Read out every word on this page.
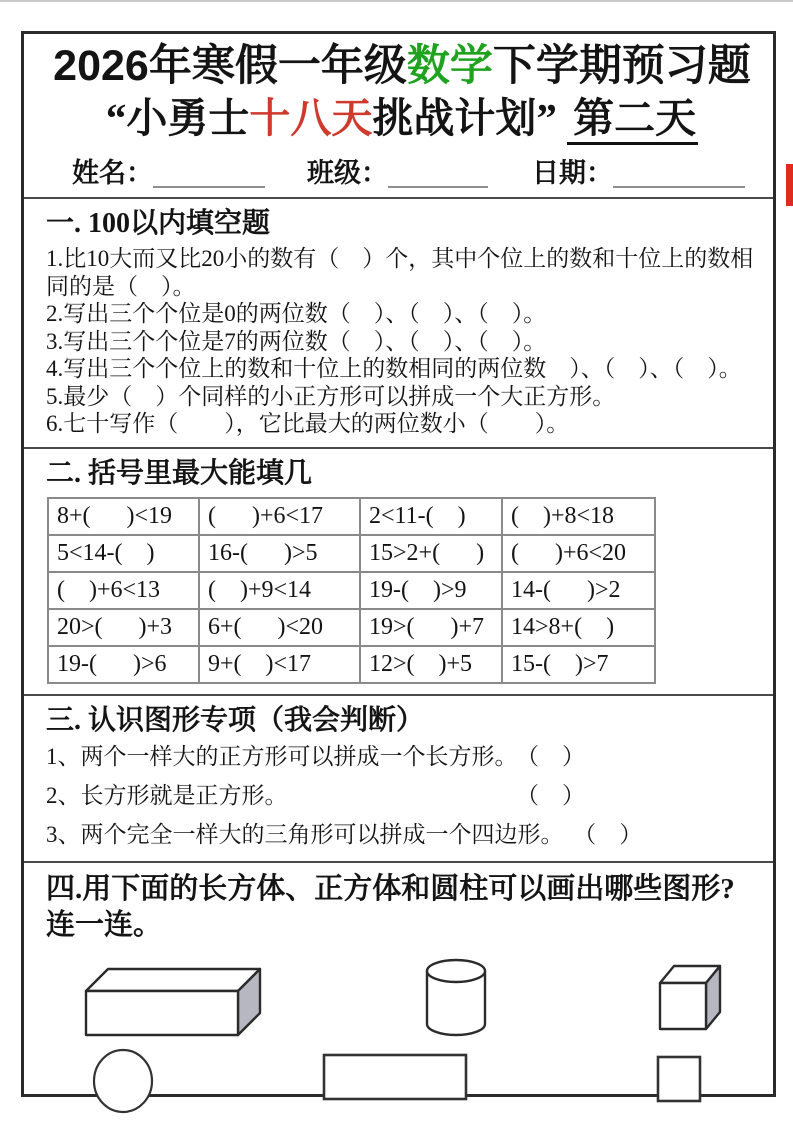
2026年寒假一年级数学下学期预习题
“小勇士十八天挑战计划” 第二天
姓名：	班级：	日期：
一. 100以内填空题
1.比10大而又比20小的数有（　）个，其中个位上的数和十位上的数相同的是（　）。
2.写出三个个位是0的两位数（　）、（　）、（　）。
3.写出三个个位是7的两位数（　）、（　）、（　）。
4.写出三个个位上的数和十位上的数相同的两位数　）、（　）、（　）。
5.最少（　）个同样的小正方形可以拼成一个大正方形。
6.七十写作（　　），它比最大的两位数小（　　）。
二. 括号里最大能填几
8+(      )<19	(      )+6<17	2<11-(    )	(    )+8<18
5<14-(    )	16-(      )>5	15>2+(      )	(      )+6<20
(    )+6<13	(    )+9<14	19-(    )>9	14-(      )>2
20>(      )+3	6+(      )<20	19>(      )+7	14>8+(    )
19-(      )>6	9+(    )<17	12>(    )+5	15-(    )>7
三. 认识图形专项（我会判断）
1、两个一样大的正方形可以拼成一个长方形。
（　）
2、长方形就是正方形。	（　）
3、两个完全一样大的三角形可以拼成一个四边形。 （　）
四.用下面的长方体、正方体和圆柱可以画出哪些图形?
连一连。
